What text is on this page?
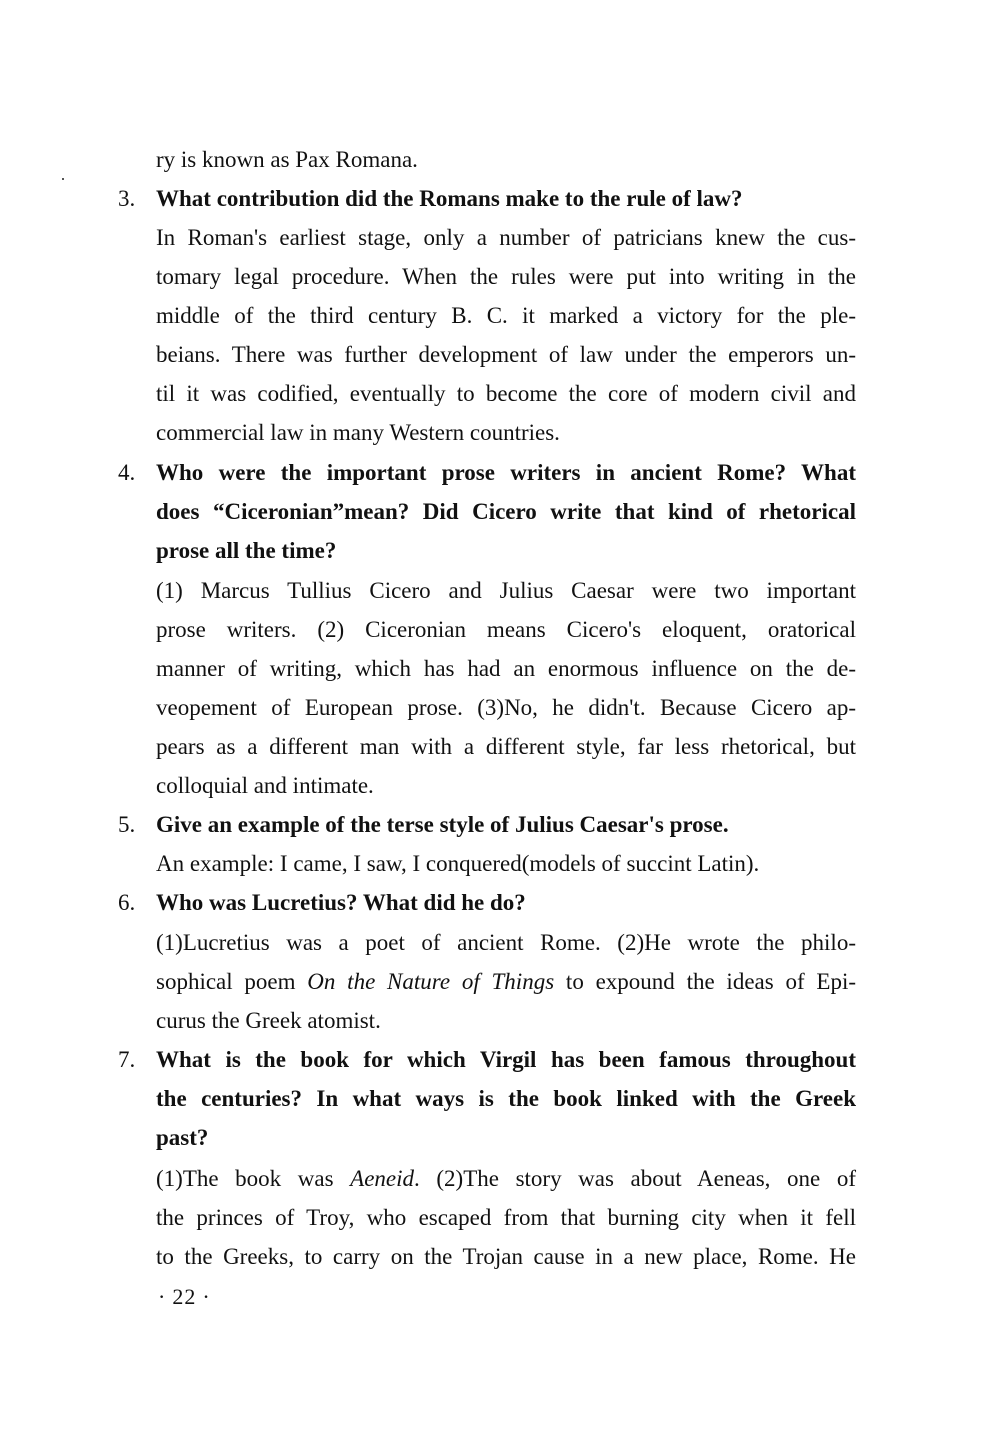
ry is known as Pax Romana.
3. What contribution did the Romans make to the rule of law?
In Roman's earliest stage, only a number of patricians knew the cus-
tomary legal procedure. When the rules were put into writing in the
middle of the third century B. C. it marked a victory for the ple-
beians. There was further development of law under the emperors un-
til it was codified, eventually to become the core of modern civil and
commercial law in many Western countries.
4. Who were the important prose writers in ancient Rome? What
does “Ciceronian”mean? Did Cicero write that kind of rhetorical
prose all the time?
(1) Marcus Tullius Cicero and Julius Caesar were two important
prose writers. (2) Ciceronian means Cicero's eloquent, oratorical
manner of writing, which has had an enormous influence on the de-
veopement of European prose. (3)No, he didn't. Because Cicero ap-
pears as a different man with a different style, far less rhetorical, but
colloquial and intimate.
5. Give an example of the terse style of Julius Caesar's prose.
An example: I came, I saw, I conquered(models of succint Latin).
6. Who was Lucretius? What did he do?
(1)Lucretius was a poet of ancient Rome. (2)He wrote the philo-
sophical poem On the Nature of Things to expound the ideas of Epi-
curus the Greek atomist.
7. What is the book for which Virgil has been famous throughout
the centuries? In what ways is the book linked with the Greek
past?
(1)The book was Aeneid. (2)The story was about Aeneas, one of
the princes of Troy, who escaped from that burning city when it fell
to the Greeks, to carry on the Trojan cause in a new place, Rome. He
· 22 ·
